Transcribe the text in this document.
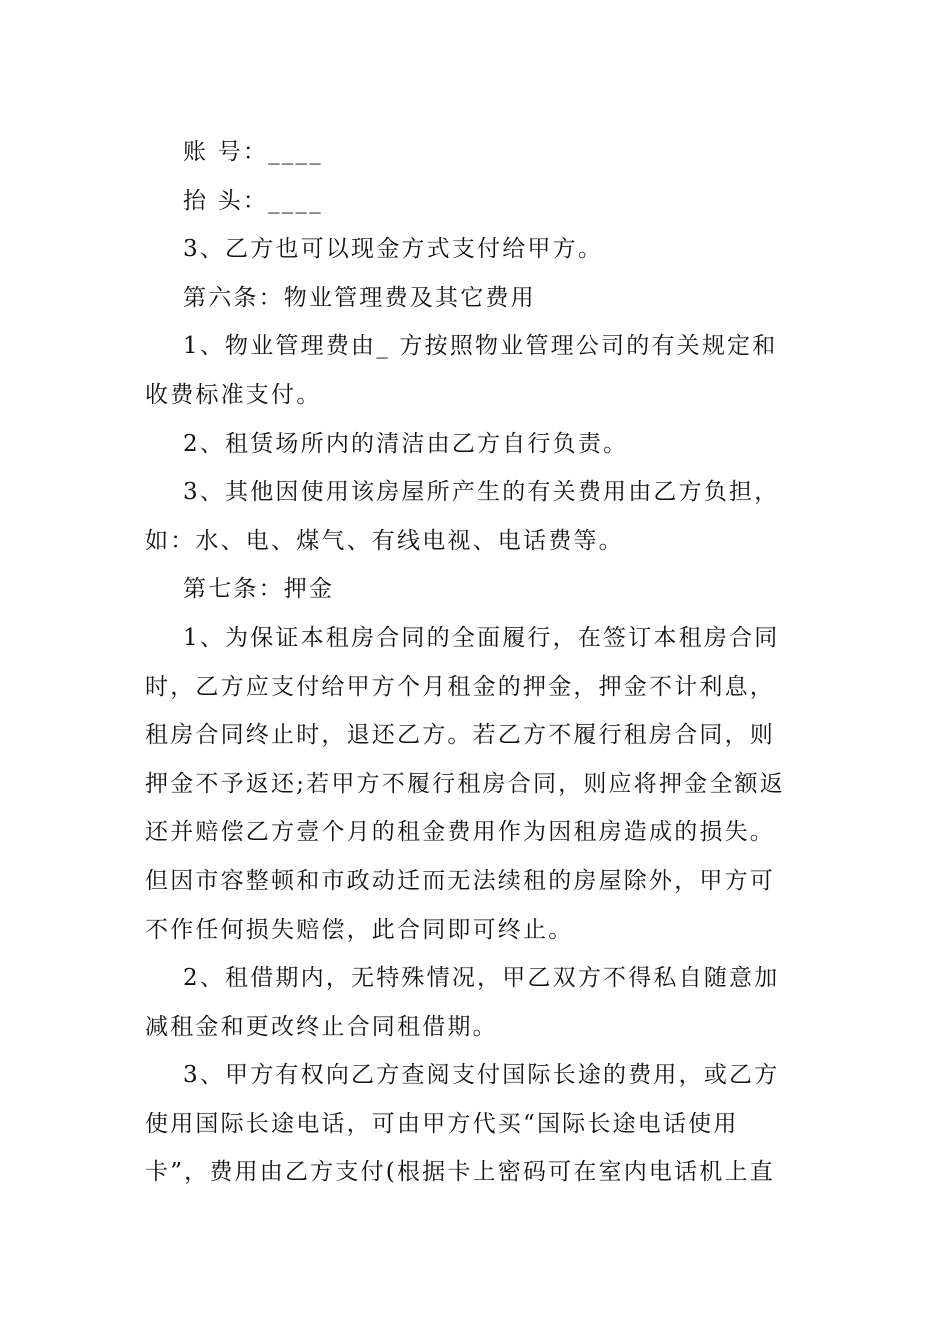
账 号：____

抬 头：____

3、乙方也可以现金方式支付给甲方。

第六条：物业管理费及其它费用

1、物业管理费由_ 方按照物业管理公司的有关规定和

收费标准支付。

2、租赁场所内的清洁由乙方自行负责。

3、其他因使用该房屋所产生的有关费用由乙方负担，

如：水、电、煤气、有线电视、电话费等。

第七条：押金

1、为保证本租房合同的全面履行，在签订本租房合同

时，乙方应支付给甲方个月租金的押金，押金不计利息，

租房合同终止时，退还乙方。若乙方不履行租房合同，则

押金不予返还;若甲方不履行租房合同，则应将押金全额返

还并赔偿乙方壹个月的租金费用作为因租房造成的损失。

但因市容整顿和市政动迁而无法续租的房屋除外，甲方可

不作任何损失赔偿，此合同即可终止。

2、租借期内，无特殊情况，甲乙双方不得私自随意加

减租金和更改终止合同租借期。

3、甲方有权向乙方查阅支付国际长途的费用，或乙方

使用国际长途电话，可由甲方代买“国际长途电话使用

卡”，费用由乙方支付(根据卡上密码可在室内电话机上直
